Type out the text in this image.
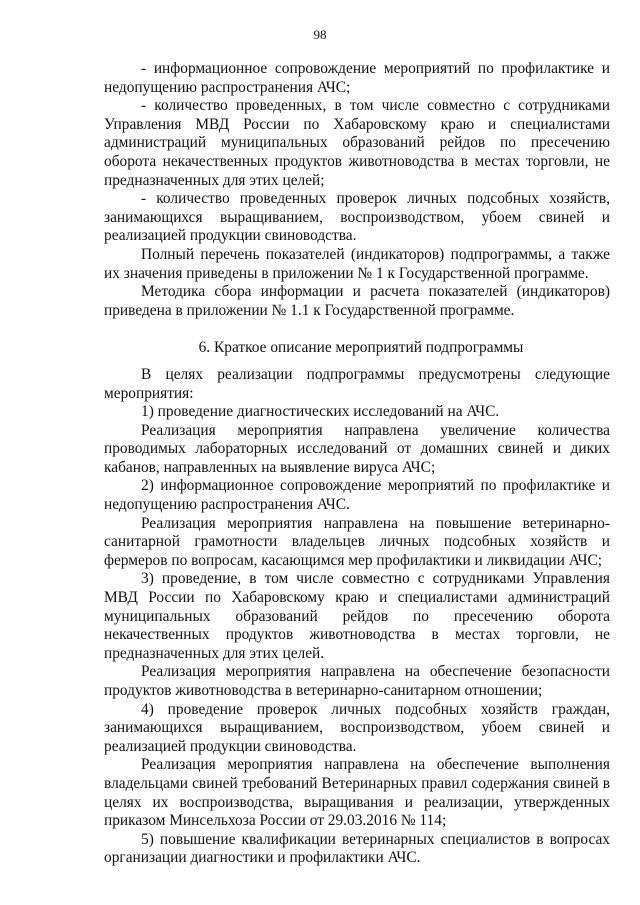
98

- информационное сопровождение мероприятий по профилактике и недопущению распространения АЧС;

- количество проведенных, в том числе совместно с сотрудниками Управления МВД России по Хабаровскому краю и специалистами администраций муниципальных образований рейдов по пресечению оборота некачественных продуктов животноводства в местах торговли, не предназначенных для этих целей;

- количество проведенных проверок личных подсобных хозяйств, занимающихся выращиванием, воспроизводством, убоем свиней и реализацией продукции свиноводства.

Полный перечень показателей (индикаторов) подпрограммы, а также их значения приведены в приложении № 1 к Государственной программе.

Методика сбора информации и расчета показателей (индикаторов) приведена в приложении № 1.1 к Государственной программе.

6. Краткое описание мероприятий подпрограммы

В целях реализации подпрограммы предусмотрены следующие мероприятия:

1) проведение диагностических исследований на АЧС.

Реализация мероприятия направлена увеличение количества проводимых лабораторных исследований от домашних свиней и диких кабанов, направленных на выявление вируса АЧС;

2) информационное сопровождение мероприятий по профилактике и недопущению распространения АЧС.

Реализация мероприятия направлена на повышение ветеринарно-санитарной грамотности владельцев личных подсобных хозяйств и фермеров по вопросам, касающимся мер профилактики и ликвидации АЧС;

3) проведение, в том числе совместно с сотрудниками Управления МВД России по Хабаровскому краю и специалистами администраций муниципальных образований рейдов по пресечению оборота некачественных продуктов животноводства в местах торговли, не предназначенных для этих целей.

Реализация мероприятия направлена на обеспечение безопасности продуктов животноводства в ветеринарно-санитарном отношении;

4) проведение проверок личных подсобных хозяйств граждан, занимающихся выращиванием, воспроизводством, убоем свиней и реализацией продукции свиноводства.

Реализация мероприятия направлена на обеспечение выполнения владельцами свиней требований Ветеринарных правил содержания свиней в целях их воспроизводства, выращивания и реализации, утвержденных приказом Минсельхоза России от 29.03.2016 № 114;

5) повышение квалификации ветеринарных специалистов в вопросах организации диагностики и профилактики АЧС.
